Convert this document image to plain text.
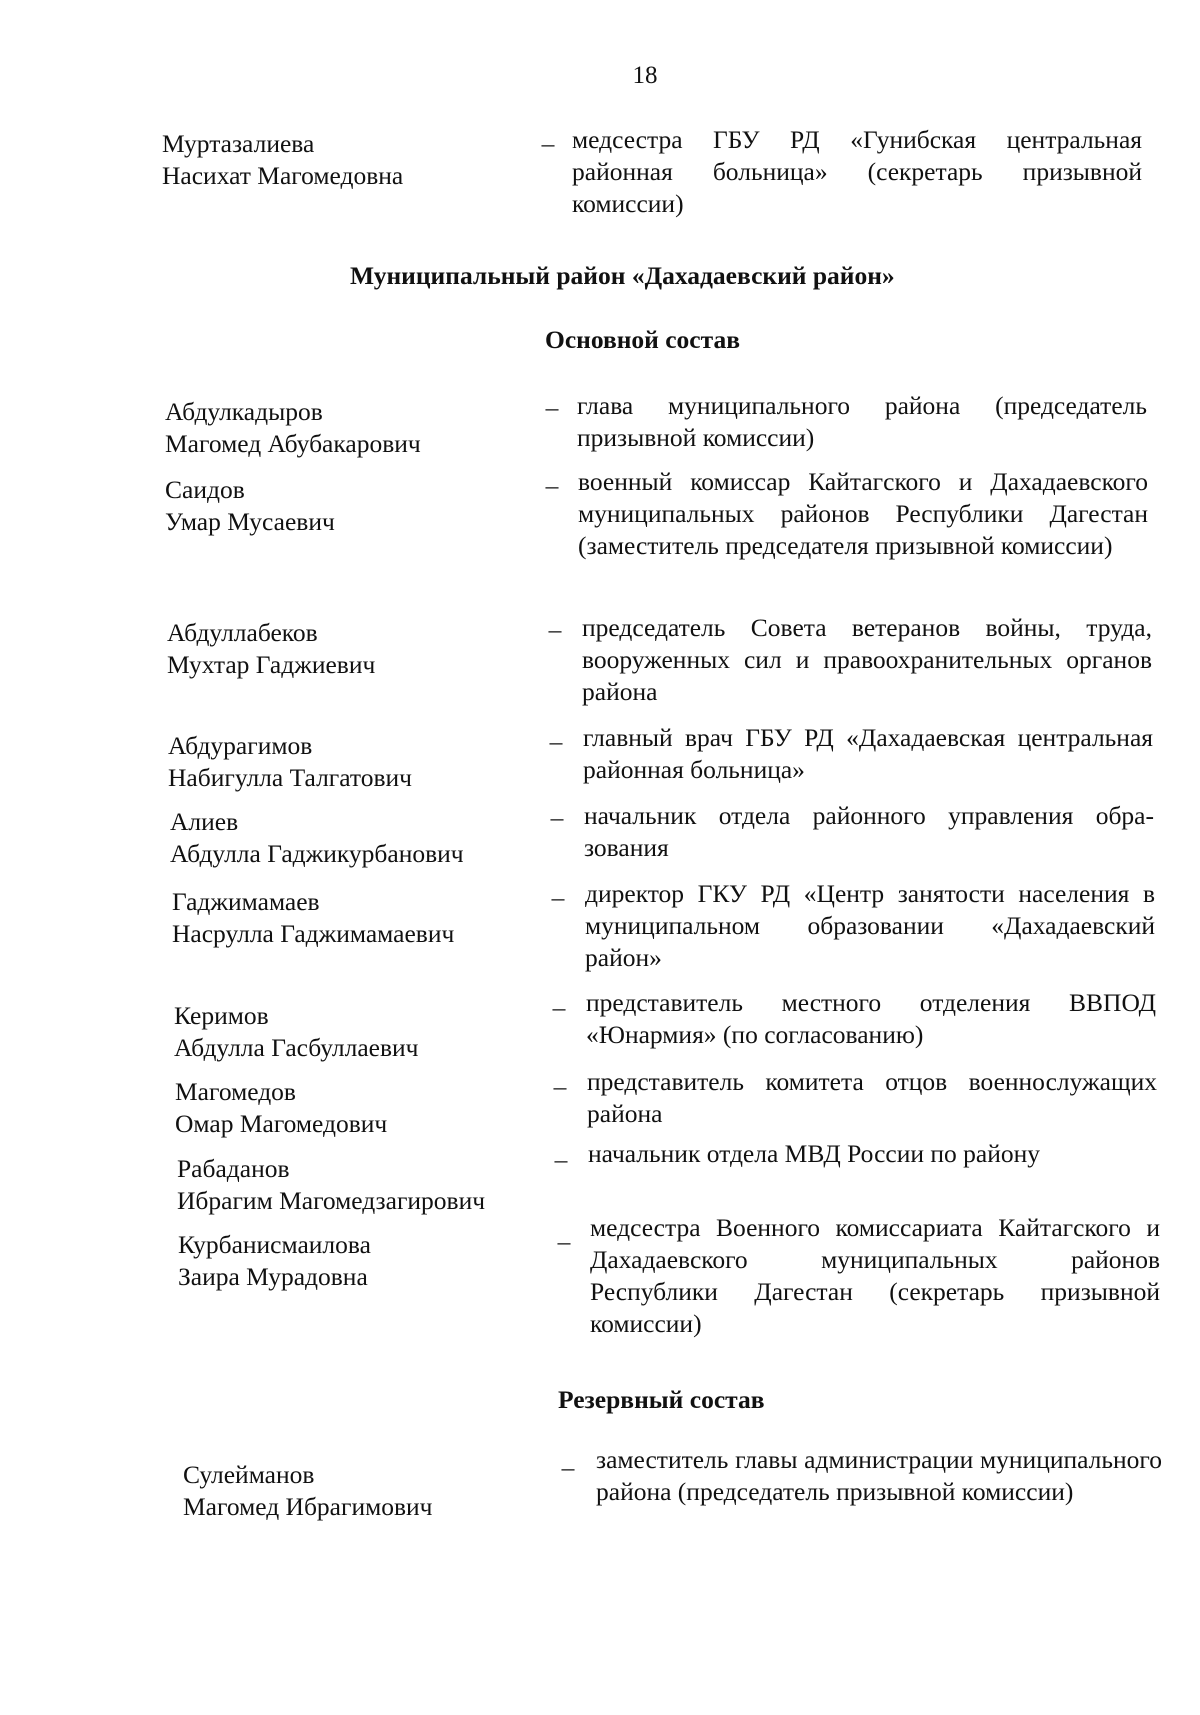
18
Муртазалиева
Насихат Магомедовна
– медсестра ГБУ РД «Гунибская центральная районная больница» (секретарь призывной комиссии)
Муниципальный район «Дахадаевский район»
Основной состав
Абдулкадыров
Магомед Абубакарович
– глава муниципального района (председатель призывной комиссии)
Саидов
Умар Мусаевич
– военный комиссар Кайтагского и Дахадаевского муниципальных районов Республики Дагестан (заместитель председателя призывной комиссии)
Абдуллабеков
Мухтар Гаджиевич
– председатель Совета ветеранов войны, труда, вооруженных сил и правоохранительных органов района
Абдурагимов
Набигулла Талгатович
– главный врач ГБУ РД «Дахадаевская центральная районная больница»
Алиев
Абдулла Гаджикурбанович
– начальник отдела районного управления образования
Гаджимамаев
Насрулла Гаджимамаевич
– директор ГКУ РД «Центр занятости населения в муниципальном образовании «Дахадаевский район»
Керимов
Абдулла Гасбуллаевич
– представитель местного отделения ВВПОД «Юнармия» (по согласованию)
Магомедов
Омар Магомедович
– представитель комитета отцов военнослужащих района
Рабаданов
Ибрагим Магомедзагирович
– начальник отдела МВД России по району
Курбанисмаилова
Заира Мурадовна
– медсестра Военного комиссариата Кайтагского и Дахадаевского муниципальных районов Республики Дагестан (секретарь призывной комиссии)
Резервный состав
Сулейманов
Магомед Ибрагимович
– заместитель главы администрации муниципального района (председатель призывной комиссии)
